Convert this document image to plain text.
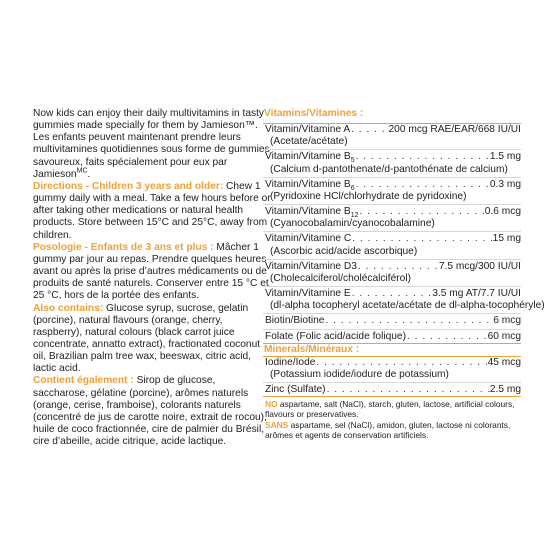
Now kids can enjoy their daily multivitamins in tasty gummies made specially for them by Jamieson™.

Les enfants peuvent maintenant prendre leurs multivitamines quotidiennes sous forme de gummies savoureux, faits spécialement pour eux par Jamieson$^{MC}$.

Directions - Children 3 years and older: Chew 1 gummy daily with a meal. Take a few hours before or after taking other medications or natural health products. Store between 15°C and 25°C, away from children.

Posologie - Enfants de 3 ans et plus : Mâcher 1 gummy par jour au repas. Prendre quelques heures avant ou après la prise d’autres médicaments ou de produits de santé naturels. Conserver entre 15 °C et 25 °C, hors de la portée des enfants.

Also contains: Glucose syrup, sucrose, gelatin (porcine), natural flavours (orange, cherry, raspberry), natural colours (black carrot juice concentrate, annatto extract), fractionated coconut oil, Brazilian palm tree wax, beeswax, citric acid, lactic acid.

Contient également : Sirop de glucose, saccharose, gélatine (porcine), arômes naturels (orange, cerise, framboise), colorants naturels (concentré de jus de carotte noire, extrait de rocou), huile de coco fractionnée, cire de palmier du Brésil, cire d’abeille, acide citrique, acide lactique.

Vitamins/Vitamines :
Vitamin/Vitamine A . . .	200 mcg RAE/EAR/668 IU/UI
(Acetate/acétate)
Vitamin/Vitamine $B_5$ . . .	1.5 mg
(Calcium d-pantothenate/d-pantothénate de calcium)
Vitamin/Vitamine $B_6$ . . .	0.3 mg
(Pyridoxine HCl/chlorhydrate de pyridoxine)
Vitamin/Vitamine $B_{12}$ . . .	0.6 mcg
(Cyanocobalamin/cyanocobalamine)
Vitamin/Vitamine C . . .	15 mg
(Ascorbic acid/acide ascorbique)
Vitamin/Vitamine D3 . . .	7.5 mcg/300 IU/UI
(Cholecalciferol/cholécalciférol)
Vitamin/Vitamine E . . .	3.5 mg AT/7.7 IU/UI
(dl-alpha tocopheryl acetate/acétate de dl-alpha-tocophéryle)
Biotin/Biotine . . .	6 mcg
Folate (Folic acid/acide folique) . . .	60 mcg
Minerals/Minéraux :
Iodine/Iode . . .	45 mcg
(Potassium iodide/iodure de potassium)
Zinc (Sulfate) . . .	2.5 mg
NO aspartame, salt (NaCl), starch, gluten, lactose, artificial colours, flavours or preservatives.
SANS aspartame, sel (NaCl), amidon, gluten, lactose ni colorants, arômes et agents de conservation artificiels.
